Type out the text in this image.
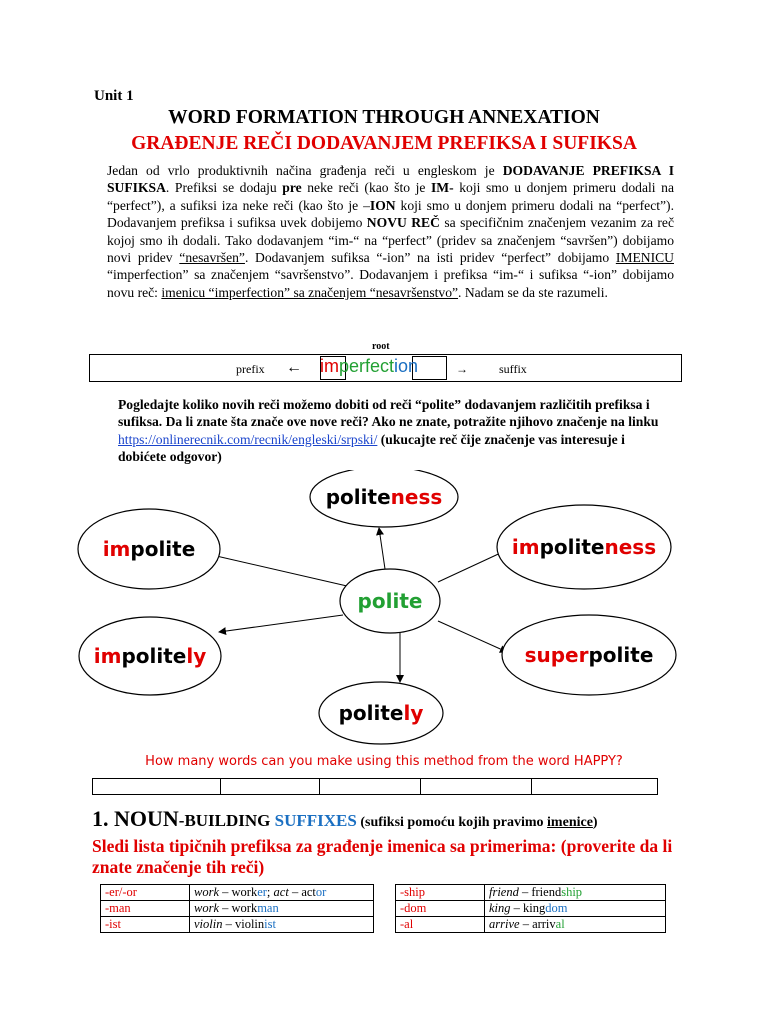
Unit 1
WORD FORMATION THROUGH ANNEXATION
GRAĐENJE REČI DODAVANJEM PREFIKSA I SUFIKSA
Jedan od vrlo produktivnih načina građenja reči u engleskom je DODAVANJE PREFIKSA I SUFIKSA. Prefiksi se dodaju pre neke reči (kao što je IM- koji smo u donjem primeru dodali na “perfect”), a sufiksi iza neke reči (kao što je –ION koji smo u donjem primeru dodali na “perfect”). Dodavanjem prefiksa i sufiksa uvek dobijemo NOVU REČ sa specifičnim značenjem vezanim za reč kojoj smo ih dodali. Tako dodavanjem “im-“ na “perfect” (pridev sa značenjem “savršen”) dobijamo novi pridev “nesavršen”. Dodavanjem sufiksa “-ion” na isti pridev “perfect” dobijamo IMENICU “imperfection” sa značenjem “savršenstvo”. Dodavanjem i prefiksa “im-“ i sufiksa “-ion” dobijamo novu reč: imenicu “imperfection” sa značenjem “nesavršenstvo”. Nadam se da ste razumeli.
root
prefix ← imperfection	→	suffix
Pogledajte koliko novih reči možemo dobiti od reči “polite” dodavanjem različitih prefiksa i sufiksa. Da li znate šta znače ove nove reči? Ako ne znate, potražite njihovo značenje na linku https://onlinerecnik.com/recnik/engleski/srpski/ (ukucajte reč čije značenje vas interesuje i dobićete odgovor)
politeness
impolite	impoliteness
impolitely	superpolite
politely
polite
How many words can you make using this method from the word HAPPY?

1. NOUN-BUILDING SUFFIXES (sufiksi pomoću kojih pravimo imenice)
Sledi lista tipičnih prefiksa za građenje imenica sa primerima: (proverite da li znate značenje tih reči)
-er/-or	work – worker; act – actor
-man	work – workman
-ist	violin – violinist
-ship	friend – friendship
-dom	king – kingdom
-al	arrive – arrival
